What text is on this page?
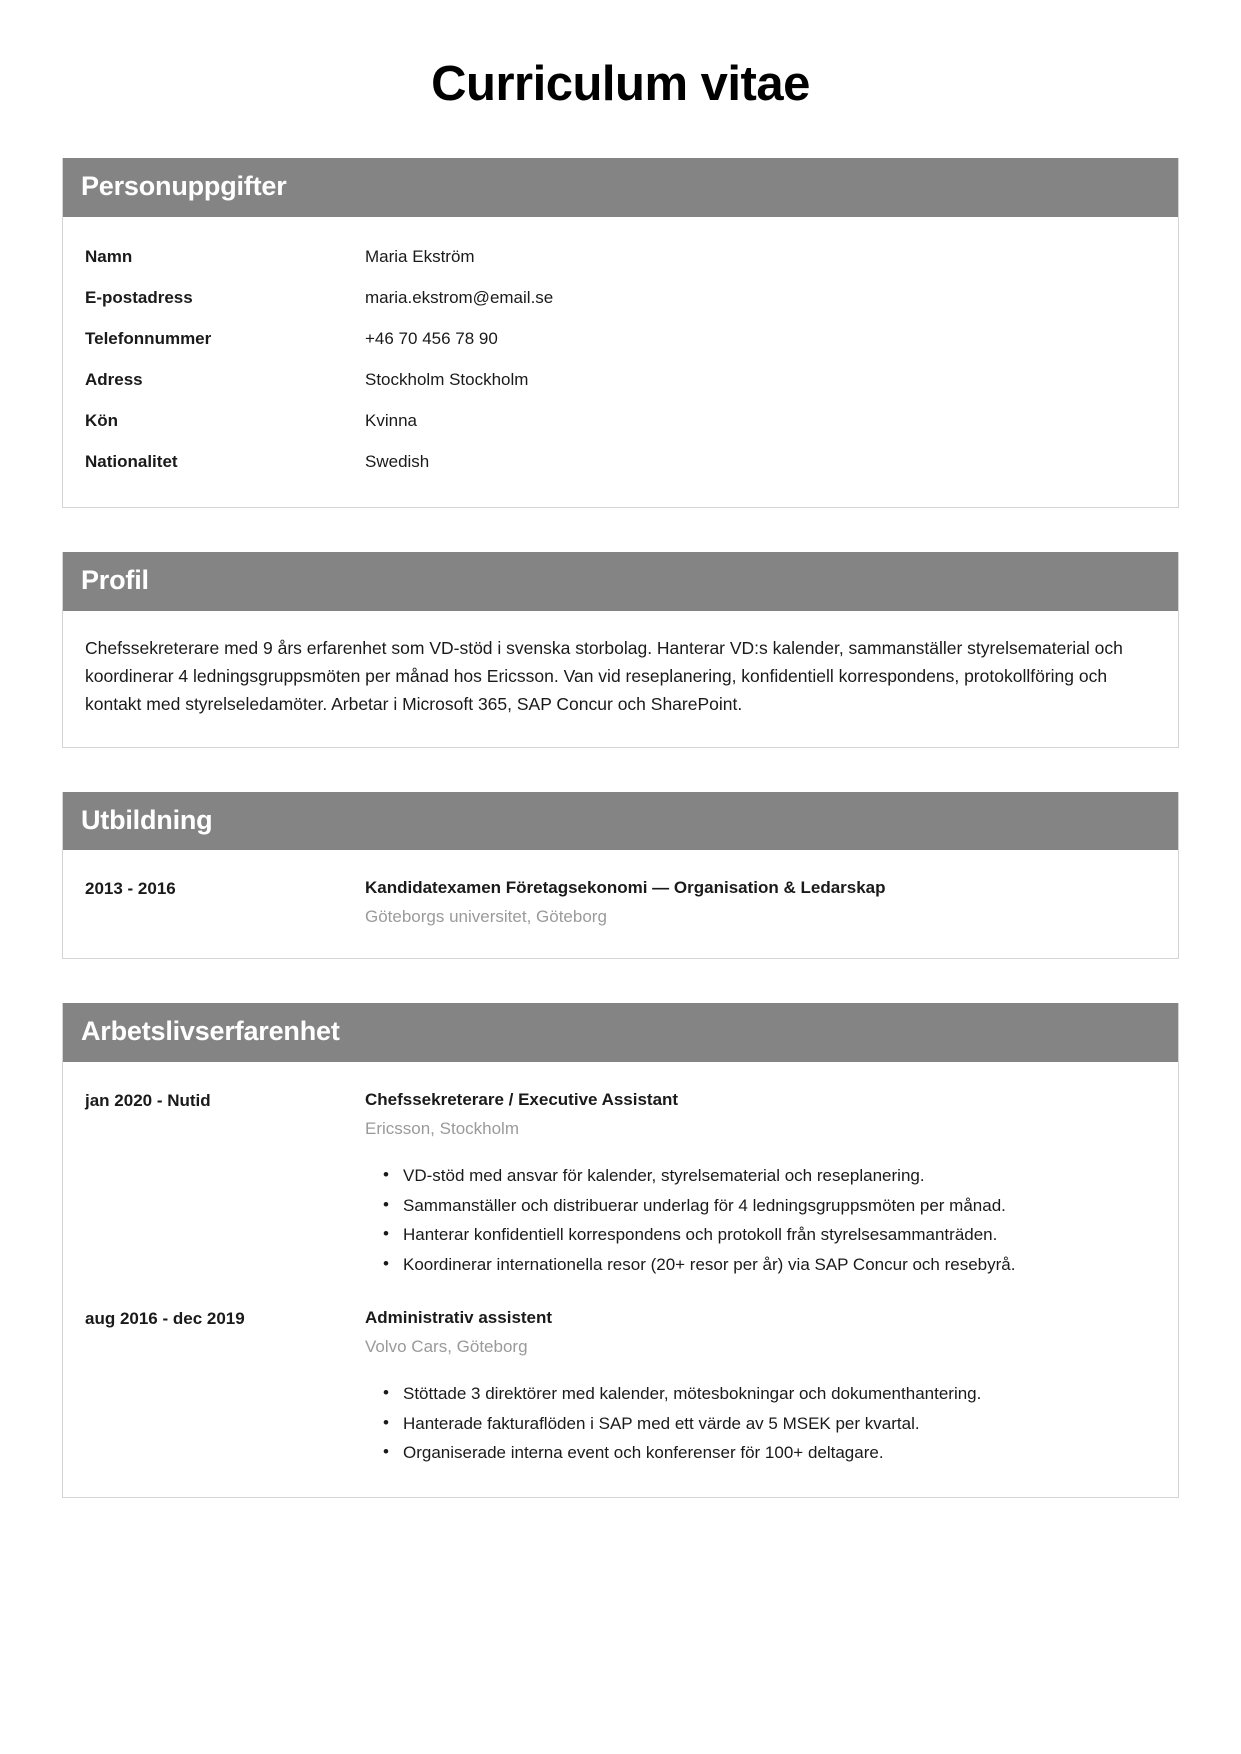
Curriculum vitae
Personuppgifter
Namn	Maria Ekström
E-postadress	maria.ekstrom@email.se
Telefonnummer	+46 70 456 78 90
Adress	Stockholm Stockholm
Kön	Kvinna
Nationalitet	Swedish
Profil

Chefssekreterare med 9 års erfarenhet som VD-stöd i svenska storbolag. Hanterar VD:s kalender, sammanställer styrelsematerial och koordinerar 4 ledningsgruppsmöten per månad hos Ericsson. Van vid reseplanering, konfidentiell korrespondens, protokollföring och kontakt med styrelseledamöter. Arbetar i Microsoft 365, SAP Concur och SharePoint.

Utbildning
2013 - 2016	Kandidatexamen Företagsekonomi — Organisation & Ledarskap
Göteborgs universitet, Göteborg
Arbetslivserfarenhet
jan 2020 - Nutid	Chefssekreterare / Executive Assistant
Ericsson, Stockholm
• VD-stöd med ansvar för kalender, styrelsematerial och reseplanering.
• Sammanställer och distribuerar underlag för 4 ledningsgruppsmöten per månad.
• Hanterar konfidentiell korrespondens och protokoll från styrelsesammanträden.
• Koordinerar internationella resor (20+ resor per år) via SAP Concur och resebyrå.
aug 2016 - dec 2019	Administrativ assistent
Volvo Cars, Göteborg
• Stöttade 3 direktörer med kalender, mötesbokningar och dokumenthantering.
• Hanterade fakturaflöden i SAP med ett värde av 5 MSEK per kvartal.
• Organiserade interna event och konferenser för 100+ deltagare.
